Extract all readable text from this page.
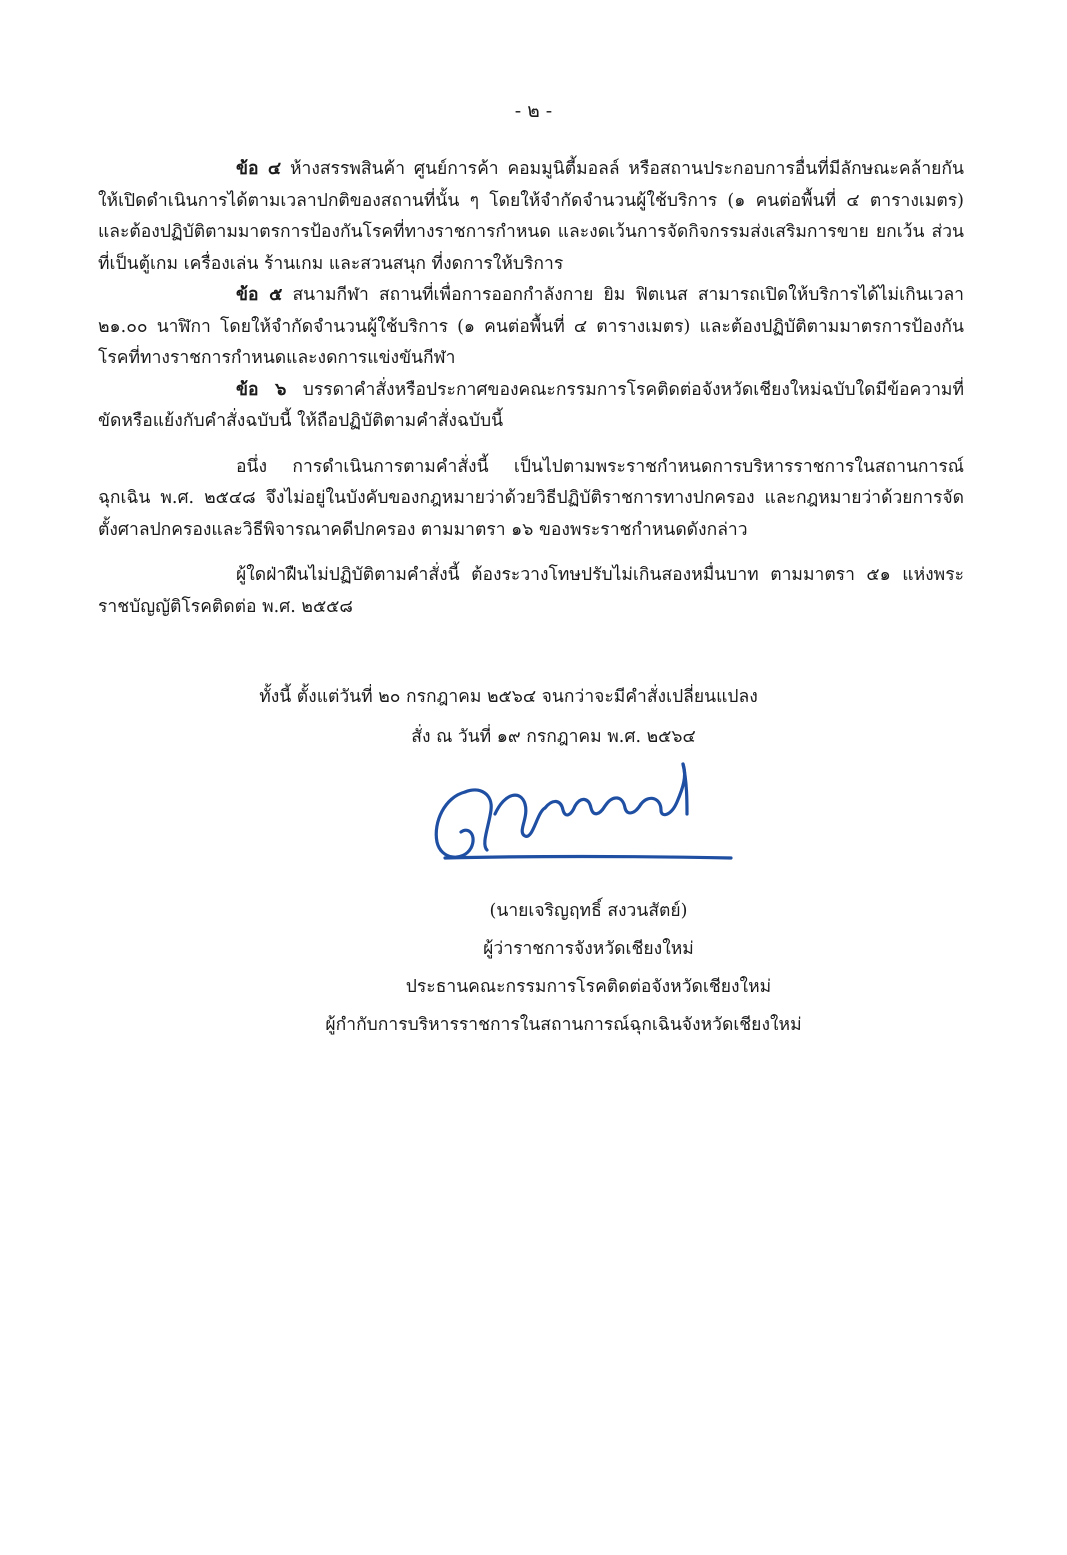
- ๒ -

ข้อ ๔ ห้างสรรพสินค้า ศูนย์การค้า คอมมูนิตี้มอลล์ หรือสถานประกอบการอื่นที่มีลักษณะคล้ายกัน ให้เปิดดำเนินการได้ตามเวลาปกติของสถานที่นั้น ๆ โดยให้จำกัดจำนวนผู้ใช้บริการ (๑ คนต่อพื้นที่ ๔ ตารางเมตร) และต้องปฏิบัติตามมาตรการป้องกันโรคที่ทางราชการกำหนด และงดเว้นการจัดกิจกรรมส่งเสริมการขาย ยกเว้น ส่วนที่เป็นตู้เกม เครื่องเล่น ร้านเกม และสวนสนุก ที่งดการให้บริการ

ข้อ ๕ สนามกีฬา สถานที่เพื่อการออกกำลังกาย ยิม ฟิตเนส สามารถเปิดให้บริการได้ไม่เกินเวลา ๒๑.๐๐ นาฬิกา โดยให้จำกัดจำนวนผู้ใช้บริการ (๑ คนต่อพื้นที่ ๔ ตารางเมตร) และต้องปฏิบัติตามมาตรการป้องกันโรคที่ทางราชการกำหนดและงดการแข่งขันกีฬา

ข้อ ๖ บรรดาคำสั่งหรือประกาศของคณะกรรมการโรคติดต่อจังหวัดเชียงใหม่ฉบับใดมีข้อความที่ขัดหรือแย้งกับคำสั่งฉบับนี้ ให้ถือปฏิบัติตามคำสั่งฉบับนี้

อนึ่ง การดำเนินการตามคำสั่งนี้ เป็นไปตามพระราชกำหนดการบริหารราชการในสถานการณ์ฉุกเฉิน พ.ศ. ๒๕๔๘ จึงไม่อยู่ในบังคับของกฎหมายว่าด้วยวิธีปฏิบัติราชการทางปกครอง และกฎหมายว่าด้วยการจัดตั้งศาลปกครองและวิธีพิจารณาคดีปกครอง ตามมาตรา ๑๖ ของพระราชกำหนดดังกล่าว

ผู้ใดฝ่าฝืนไม่ปฏิบัติตามคำสั่งนี้ ต้องระวางโทษปรับไม่เกินสองหมื่นบาท ตามมาตรา ๕๑ แห่งพระราชบัญญัติโรคติดต่อ พ.ศ. ๒๕๕๘

ทั้งนี้ ตั้งแต่วันที่ ๒๐ กรกฎาคม ๒๕๖๔ จนกว่าจะมีคำสั่งเปลี่ยนแปลง
สั่ง ณ วันที่ ๑๙ กรกฎาคม พ.ศ. ๒๕๖๔
(นายเจริญฤทธิ์ สงวนสัตย์)
ผู้ว่าราชการจังหวัดเชียงใหม่
ประธานคณะกรรมการโรคติดต่อจังหวัดเชียงใหม่
ผู้กำกับการบริหารราชการในสถานการณ์ฉุกเฉินจังหวัดเชียงใหม่
